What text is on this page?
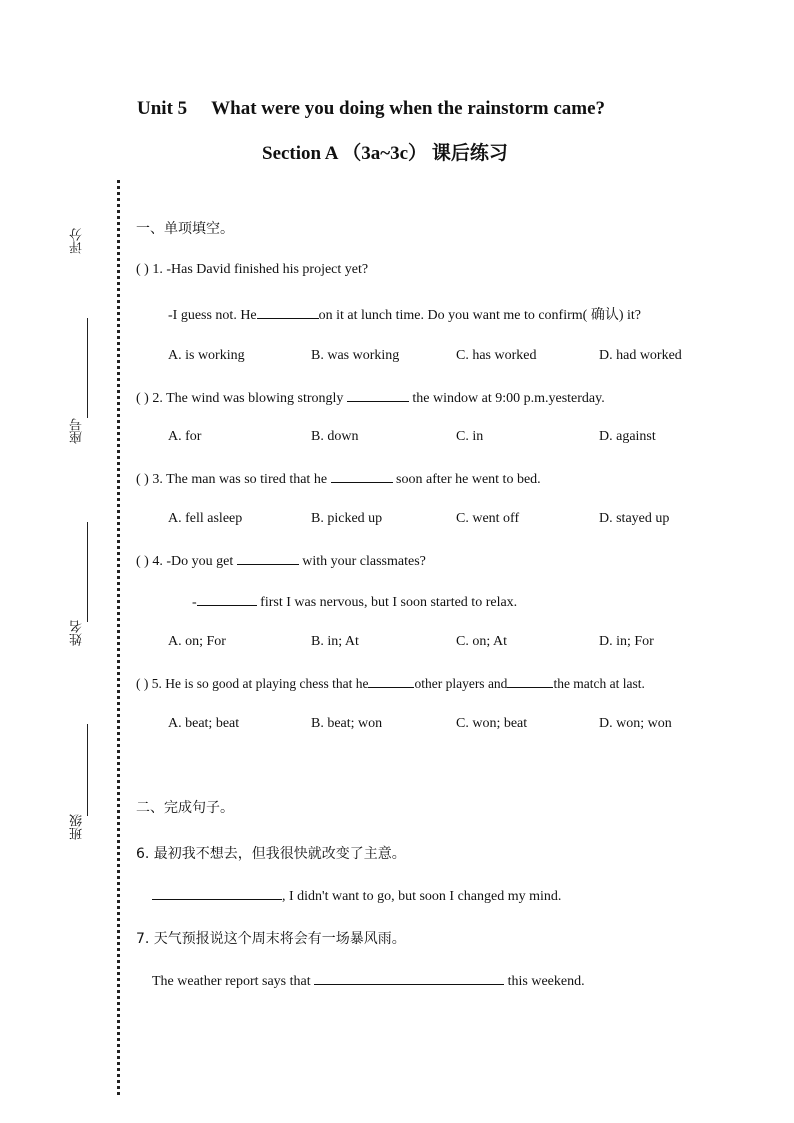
评分
座号
姓名
班级
Unit 5 What were you doing when the rainstorm came?
Section A （3a~3c） 课后练习
一、单项填空。
( ) 1. -Has David finished his project yet?
-I guess not. He	on it at lunch time. Do you want me to confirm( 确认) it?
A. is working	B. was working	C. has worked	D. had worked
( ) 2. The wind was blowing strongly	the window at 9:00 p.m.yesterday.
A. for	B. down	C. in	D. against
( ) 3. The man was so tired that he	soon after he went to bed.
A. fell asleep	B. picked up	C. went off	D. stayed up
( ) 4. -Do you get	with your classmates?
-	first I was nervous, but I soon started to relax.
A. on; For	B. in; At	C. on; At	D. in; For
( ) 5. He is so good at playing chess that he	other players and	the match at last.
A. beat; beat	B. beat; won	C. won; beat	D. won; won
二、完成句子。
6. 最初我不想去，但我很快就改变了主意。
, I didn't want to go, but soon I changed my mind.
7. 天气预报说这个周末将会有一场暴风雨。
The weather report says that	this weekend.
